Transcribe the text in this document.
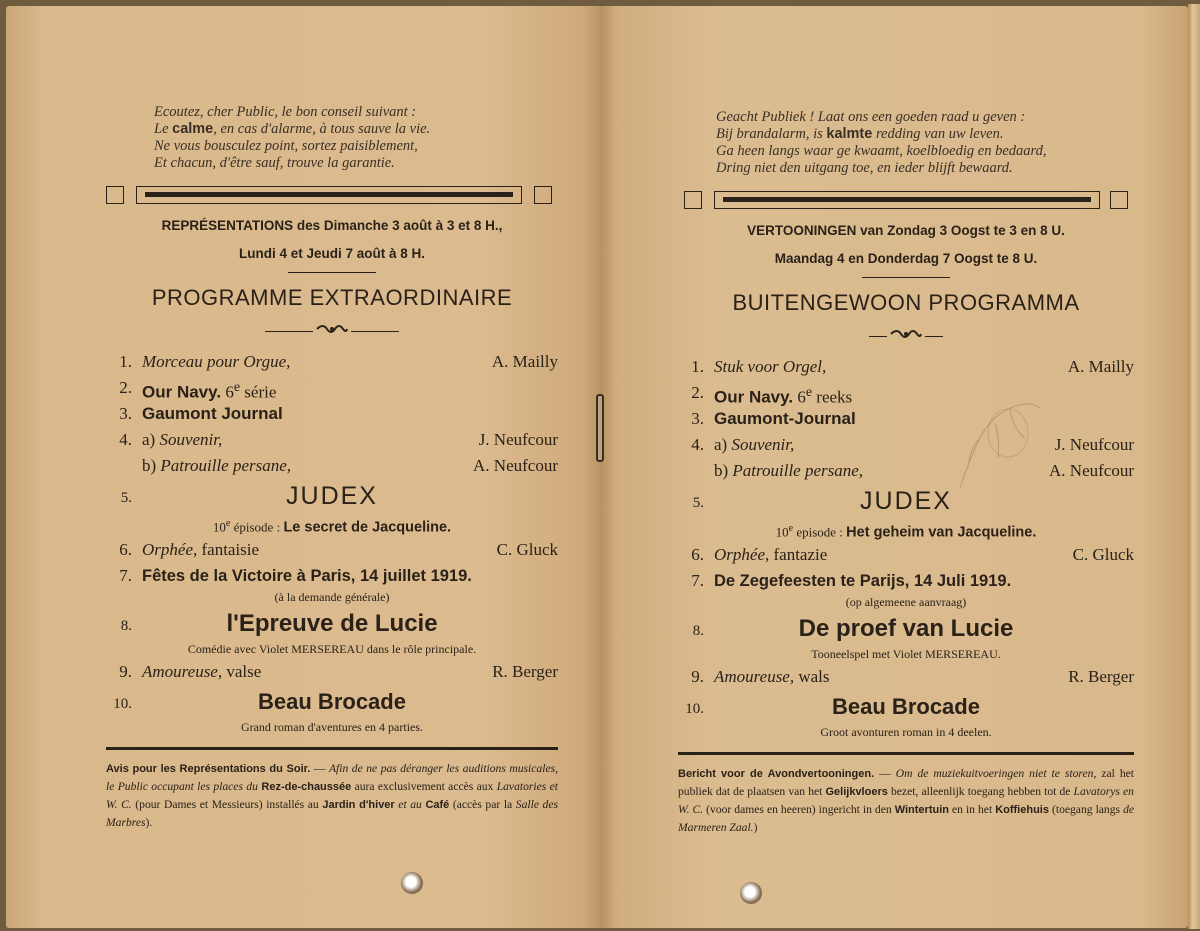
Ecoutez, cher Public, le bon conseil suivant :
Le calme, en cas d'alarme, à tous sauve la vie.
Ne vous bousculez point, sortez paisiblement,
Et chacun, d'être sauf, trouve la garantie.
REPRÉSENTATIONS des Dimanche 3 août à 3 et 8 H.,
Lundi 4 et Jeudi 7 août à 8 H.
PROGRAMME EXTRAORDINAIRE
1. Morceau pour Orgue,	A. Mailly
2. Our Navy. 6e série
3. Gaumont Journal
4. a) Souvenir,	J. Neufcour
b) Patrouille persane,	A. Neufcour
5.	JUDEX
10e épisode : Le secret de Jacqueline.
6. Orphée, fantaisie	C. Gluck
7. Fêtes de la Victoire à Paris, 14 juillet 1919.
(à la demande générale)
8.	l'Epreuve de Lucie
Comédie avec Violet MERSEREAU dans le rôle principale.
9. Amoureuse, valse	R. Berger
10.	Beau Brocade
Grand roman d'aventures en 4 parties.
Avis pour les Représentations du Soir. — Afin de ne pas déranger les auditions musicales, le Public occupant les places du Rez-de-chaussée aura exclusivement accès aux Lavatories et W. C. (pour Dames et Messieurs) installés au Jardin d'hiver et au Café (accès par la Salle des Marbres).
Geacht Publiek ! Laat ons een goeden raad u geven :
Bij brandalarm, is kalmte redding van uw leven.
Ga heen langs waar ge kwaamt, koelbloedig en bedaard,
Dring niet den uitgang toe, en ieder blijft bewaard.
VERTOONINGEN van Zondag 3 Oogst te 3 en 8 U.
Maandag 4 en Donderdag 7 Oogst te 8 U.
BUITENGEWOON PROGRAMMA
1. Stuk voor Orgel,	A. Mailly
2. Our Navy. 6e reeks
3. Gaumont-Journal
4. a) Souvenir,	J. Neufcour
b) Patrouille persane,	A. Neufcour
5.	JUDEX
10e episode : Het geheim van Jacqueline.
6. Orphée, fantazie	C. Gluck
7. De Zegefeesten te Parijs, 14 Juli 1919.
(op algemeene aanvraag)
8.	De proef van Lucie
Tooneelspel met Violet MERSEREAU.
9. Amoureuse, wals	R. Berger
10.	Beau Brocade
Groot avonturen roman in 4 deelen.
Bericht voor de Avondvertooningen. — Om de muziekuitvoeringen niet te storen, zal het publiek dat de plaatsen van het Gelijkvloers bezet, alleenlijk toegang hebben tot de Lavatorys en W. C. (voor dames en heeren) ingericht in den Wintertuin en in het Koffiehuis (toegang langs de Marmeren Zaal.)
